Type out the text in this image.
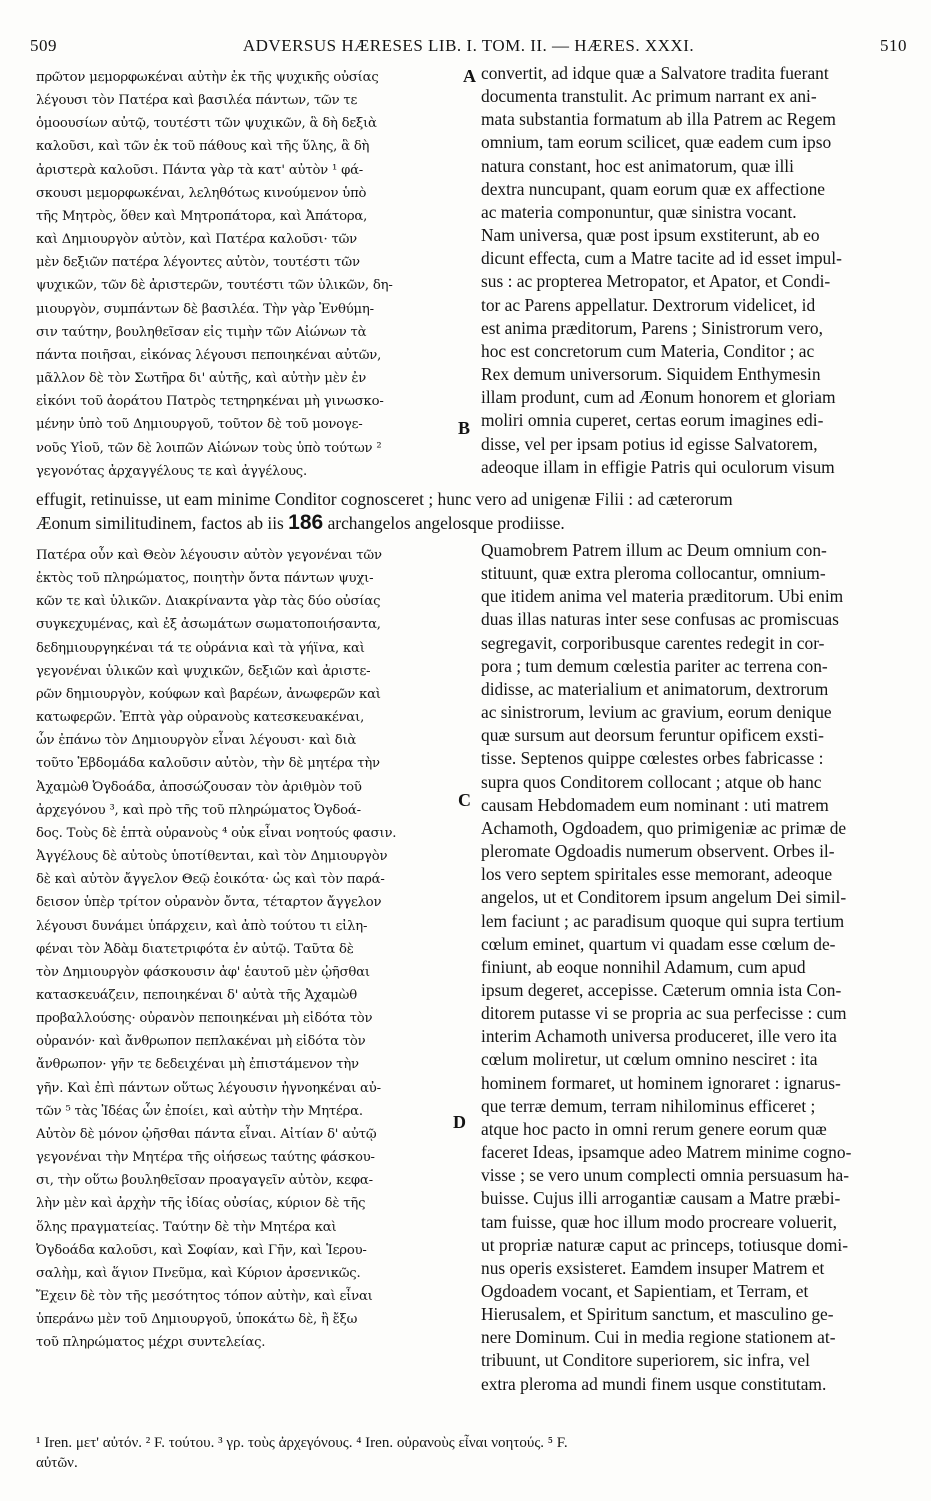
509	ADVERSUS HÆRESES LIB. I. TOM. II. — HÆRES. XXXI.	510
πρῶτον μεμορφωκέναι αὐτὴν ἐκ τῆς ψυχικῆς οὐσίας
λέγουσι τὸν Πατέρα καὶ βασιλέα πάντων, τῶν τε
ὁμοουσίων αὐτῷ, τουτέστι τῶν ψυχικῶν, ἃ δὴ δεξιὰ
καλοῦσι, καὶ τῶν ἐκ τοῦ πάθους καὶ τῆς ὕλης, ἃ δὴ
ἀριστερὰ καλοῦσι. Πάντα γὰρ τὰ κατ' αὐτὸν ¹ φά-
σκουσι μεμορφωκέναι, λεληθότως κινούμενον ὑπὸ
τῆς Μητρὸς, ὅθεν καὶ Μητροπάτορα, καὶ Ἀπάτορα,
καὶ Δημιουργὸν αὐτὸν, καὶ Πατέρα καλοῦσι· τῶν
μὲν δεξιῶν πατέρα λέγοντες αὐτὸν, τουτέστι τῶν
ψυχικῶν, τῶν δὲ ἀριστερῶν, τουτέστι τῶν ὑλικῶν, δη-
μιουργὸν, συμπάντων δὲ βασιλέα. Τὴν γὰρ Ἐνθύμη-
σιν ταύτην, βουληθεῖσαν εἰς τιμὴν τῶν Αἰώνων τὰ
πάντα ποιῆσαι, εἰκόνας λέγουσι πεποιηκέναι αὐτῶν,
μᾶλλον δὲ τὸν Σωτῆρα δι' αὐτῆς, καὶ αὐτὴν μὲν ἐν
εἰκόνι τοῦ ἀοράτου Πατρὸς τετηρηκέναι μὴ γινωσκο-
μένην ὑπὸ τοῦ Δημιουργοῦ, τοῦτον δὲ τοῦ μονογε-
νοῦς Υἱοῦ, τῶν δὲ λοιπῶν Αἰώνων τοὺς ὑπὸ τούτων ²
γεγονότας ἀρχαγγέλους τε καὶ ἀγγέλους.
convertit, ad idque quæ a Salvatore tradita fuerant
documenta transtulit. Ac primum narrant ex ani-
mata substantia formatum ab illa Patrem ac Regem
omnium, tam eorum scilicet, quæ eadem cum ipso
natura constant, hoc est animatorum, quæ illi
dextra nuncupant, quam eorum quæ ex affectione
ac materia componuntur, quæ sinistra vocant.
Nam universa, quæ post ipsum exstiterunt, ab eo
dicunt effecta, cum a Matre tacite ad id esset impul-
sus : ac propterea Metropator, et Apator, et Condi-
tor ac Parens appellatur. Dextrorum videlicet, id
est anima præditorum, Parens ; Sinistrorum vero,
hoc est concretorum cum Materia, Conditor ; ac
Rex demum universorum. Siquidem Enthymesin
illam produnt, cum ad Æonum honorem et gloriam
moliri omnia cuperet, certas eorum imagines edi-
disse, vel per ipsam potius id egisse Salvatorem,
adeoque illam in effigie Patris qui oculorum visum
A
B
C
D
effugit, retinuisse, ut eam minime Conditor cognosceret ; hunc vero ad unigenæ Filii : ad cæterorum
Æonum similitudinem, factos ab iis 186 archangelos angelosque prodiisse.
Πατέρα οὖν καὶ Θεὸν λέγουσιν αὐτὸν γεγονέναι τῶν
ἐκτὸς τοῦ πληρώματος, ποιητὴν ὄντα πάντων ψυχι-
κῶν τε καὶ ὑλικῶν. Διακρίναντα γὰρ τὰς δύο οὐσίας
συγκεχυμένας, καὶ ἐξ ἀσωμάτων σωματοποιήσαντα,
δεδημιουργηκέναι τά τε οὐράνια καὶ τὰ γήϊνα, καὶ
γεγονέναι ὑλικῶν καὶ ψυχικῶν, δεξιῶν καὶ ἀριστε-
ρῶν δημιουργὸν, κούφων καὶ βαρέων, ἀνωφερῶν καὶ
κατωφερῶν. Ἑπτὰ γὰρ οὐρανοὺς κατεσκευακέναι,
ὧν ἐπάνω τὸν Δημιουργὸν εἶναι λέγουσι· καὶ διὰ
τοῦτο Ἑβδομάδα καλοῦσιν αὐτὸν, τὴν δὲ μητέρα τὴν
Ἀχαμὼθ Ὀγδοάδα, ἀποσώζουσαν τὸν ἀριθμὸν τοῦ
ἀρχεγόνου ³, καὶ πρὸ τῆς τοῦ πληρώματος Ὀγδοά-
δος. Τοὺς δὲ ἑπτὰ οὐρανοὺς ⁴ οὐκ εἶναι νοητούς φασιν.
Ἀγγέλους δὲ αὐτοὺς ὑποτίθενται, καὶ τὸν Δημιουργὸν
δὲ καὶ αὐτὸν ἄγγελον Θεῷ ἐοικότα· ὡς καὶ τὸν παρά-
δεισον ὑπὲρ τρίτον οὐρανὸν ὄντα, τέταρτον ἄγγελον
λέγουσι δυνάμει ὑπάρχειν, καὶ ἀπὸ τούτου τι εἰλη-
φέναι τὸν Ἀδὰμ διατετριφότα ἐν αὐτῷ. Ταῦτα δὲ
τὸν Δημιουργὸν φάσκουσιν ἀφ' ἑαυτοῦ μὲν ᾠῆσθαι
κατασκευάζειν, πεποιηκέναι δ' αὐτὰ τῆς Ἀχαμὼθ
προβαλλούσης· οὐρανὸν πεποιηκέναι μὴ εἰδότα τὸν
οὐρανόν· καὶ ἄνθρωπον πεπλακέναι μὴ εἰδότα τὸν
ἄνθρωπον· γῆν τε δεδειχέναι μὴ ἐπιστάμενον τὴν
γῆν. Καὶ ἐπὶ πάντων οὕτως λέγουσιν ἠγνοηκέναι αὐ-
τῶν ⁵ τὰς Ἰδέας ὧν ἐποίει, καὶ αὐτὴν τὴν Μητέρα.
Αὐτὸν δὲ μόνον ᾠῆσθαι πάντα εἶναι. Αἰτίαν δ' αὐτῷ
γεγονέναι τὴν Μητέρα τῆς οἰήσεως ταύτης φάσκου-
σι, τὴν οὕτω βουληθεῖσαν προαγαγεῖν αὐτὸν, κεφα-
λὴν μὲν καὶ ἀρχὴν τῆς ἰδίας οὐσίας, κύριον δὲ τῆς
ὅλης πραγματείας. Ταύτην δὲ τὴν Μητέρα καὶ
Ὀγδοάδα καλοῦσι, καὶ Σοφίαν, καὶ Γῆν, καὶ Ἱερου-
σαλὴμ, καὶ ἅγιον Πνεῦμα, καὶ Κύριον ἀρσενικῶς.
Ἔχειν δὲ τὸν τῆς μεσότητος τόπον αὐτὴν, καὶ εἶναι
ὑπεράνω μὲν τοῦ Δημιουργοῦ, ὑποκάτω δὲ, ἢ ἔξω
τοῦ πληρώματος μέχρι συντελείας.
Quamobrem Patrem illum ac Deum omnium con-
stituunt, quæ extra pleroma collocantur, omnium-
que itidem anima vel materia præditorum. Ubi enim
duas illas naturas inter sese confusas ac promiscuas
segregavit, corporibusque carentes redegit in cor-
pora ; tum demum cœlestia pariter ac terrena con-
didisse, ac materialium et animatorum, dextrorum
ac sinistrorum, levium ac gravium, eorum denique
quæ sursum aut deorsum feruntur opificem exsti-
tisse. Septenos quippe cœlestes orbes fabricasse :
supra quos Conditorem collocant ; atque ob hanc
causam Hebdomadem eum nominant : uti matrem
Achamoth, Ogdoadem, quo primigeniæ ac primæ de
pleromate Ogdoadis numerum observent. Orbes il-
los vero septem spiritales esse memorant, adeoque
angelos, ut et Conditorem ipsum angelum Dei simil-
lem faciunt ; ac paradisum quoque qui supra tertium
cœlum eminet, quartum vi quadam esse cœlum de-
finiunt, ab eoque nonnihil Adamum, cum apud
ipsum degeret, accepisse. Cæterum omnia ista Con-
ditorem putasse vi se propria ac sua perfecisse : cum
interim Achamoth universa produceret, ille vero ita
cœlum moliretur, ut cœlum omnino nesciret : ita
hominem formaret, ut hominem ignoraret : ignarus-
que terræ demum, terram nihilominus efficeret ;
atque hoc pacto in omni rerum genere eorum quæ
faceret Ideas, ipsamque adeo Matrem minime cogno-
visse ; se vero unum complecti omnia persuasum ha-
buisse. Cujus illi arrogantiæ causam a Matre præbi-
tam fuisse, quæ hoc illum modo procreare voluerit,
ut propriæ naturæ caput ac princeps, totiusque domi-
nus operis exsisteret. Eamdem insuper Matrem et
Ogdoadem vocant, et Sapientiam, et Terram, et
Hierusalem, et Spiritum sanctum, et masculino ge-
nere Dominum. Cui in media regione stationem at-
tribuunt, ut Conditore superiorem, sic infra, vel
extra pleroma ad mundi finem usque constitutam.
¹ Iren. μετ' αὐτόν. ² F. τούτου. ³ γρ. τοὺς ἀρχεγόνους. ⁴ Iren. οὐρανοὺς εἶναι νοητούς. ⁵ F.
αὐτῶν.
